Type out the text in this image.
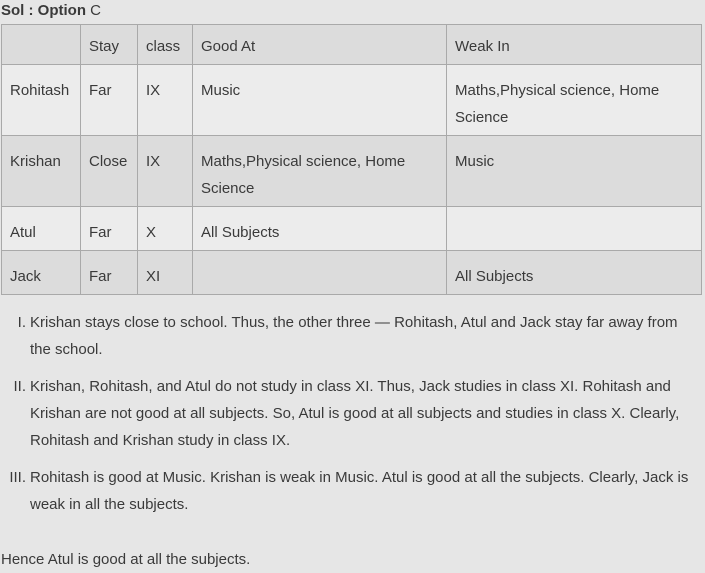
Sol : Option C
	Stay	class	Good At	Weak In
Rohitash	Far	IX	Music	Maths,Physical science, Home Science
Krishan	Close	IX	Maths,Physical science, Home Science	Music
Atul	Far	X	All Subjects	
Jack	Far	XI		All Subjects
I. Krishan stays close to school. Thus, the other three — Rohitash, Atul and Jack stay far away from the school.
II. Krishan, Rohitash, and Atul do not study in class XI. Thus, Jack studies in class XI. Rohitash and Krishan are not good at all subjects. So, Atul is good at all subjects and studies in class X. Clearly, Rohitash and Krishan study in class IX.
III. Rohitash is good at Music. Krishan is weak in Music. Atul is good at all the subjects. Clearly, Jack is weak in all the subjects.
Hence Atul is good at all the subjects.
